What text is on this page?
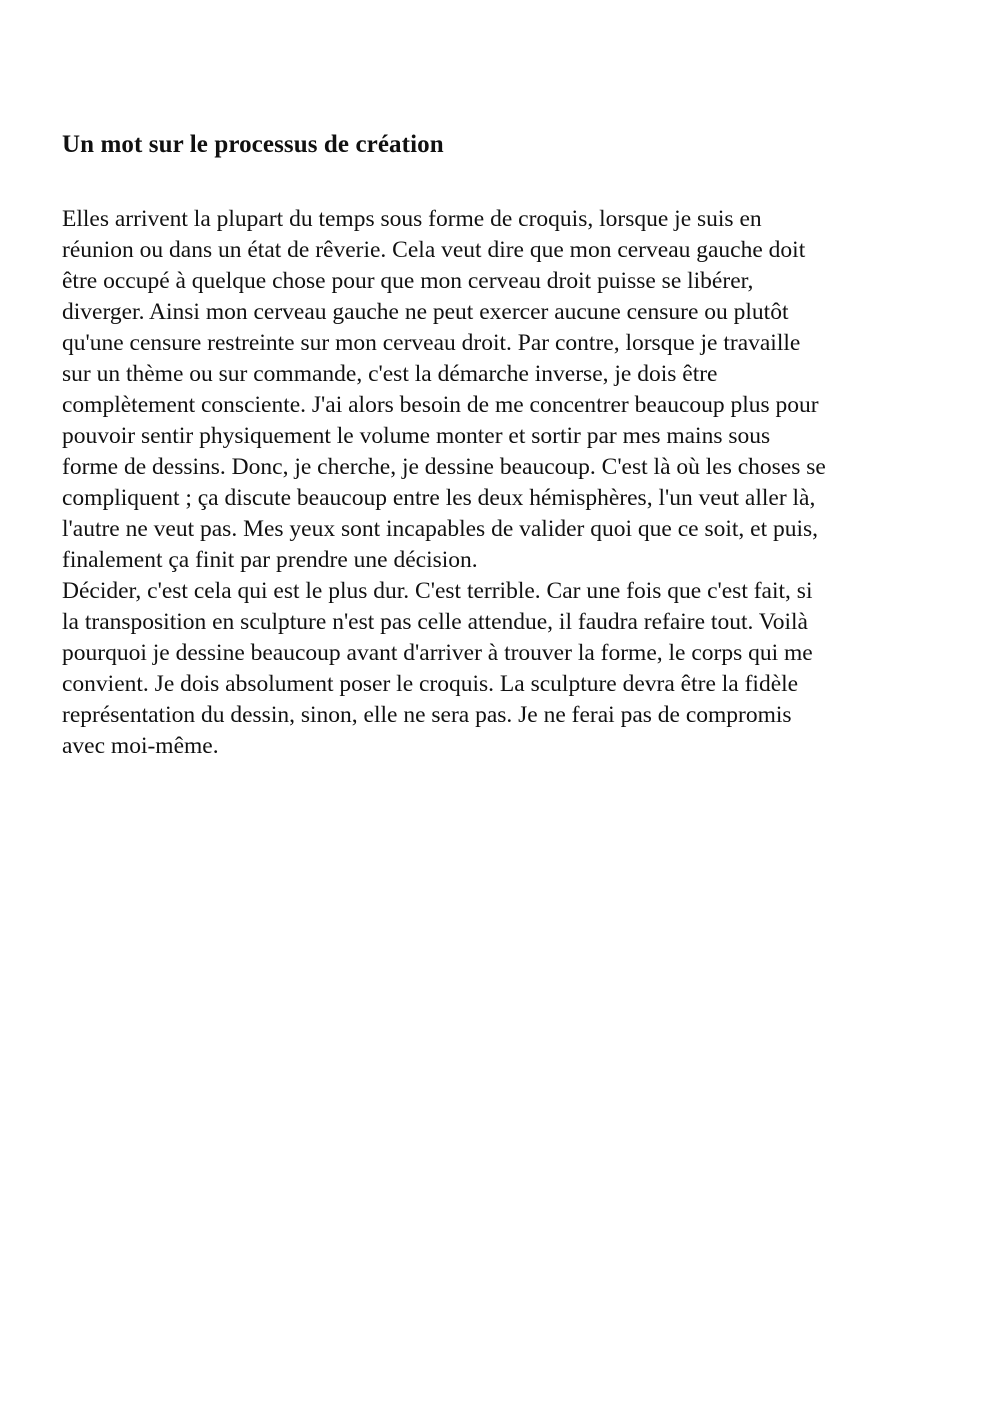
Un mot sur le processus de création

Elles arrivent la plupart du temps sous forme de croquis, lorsque je suis en
réunion ou dans un état de rêverie. Cela veut dire que mon cerveau gauche doit
être occupé à quelque chose pour que mon cerveau droit puisse se libérer,
diverger. Ainsi mon cerveau gauche ne peut exercer aucune censure ou plutôt
qu'une censure restreinte sur mon cerveau droit. Par contre, lorsque je travaille
sur un thème ou sur commande, c'est la démarche inverse, je dois être
complètement consciente. J'ai alors besoin de me concentrer beaucoup plus pour
pouvoir sentir physiquement le volume monter et sortir par mes mains sous
forme de dessins. Donc, je cherche, je dessine beaucoup. C'est là où les choses se
compliquent ; ça discute beaucoup entre les deux hémisphères, l'un veut aller là,
l'autre ne veut pas. Mes yeux sont incapables de valider quoi que ce soit, et puis,
finalement ça finit par prendre une décision.

Décider, c'est cela qui est le plus dur. C'est terrible. Car une fois que c'est fait, si
la transposition en sculpture n'est pas celle attendue, il faudra refaire tout. Voilà
pourquoi je dessine beaucoup avant d'arriver à trouver la forme, le corps qui me
convient. Je dois absolument poser le croquis. La sculpture devra être la fidèle
représentation du dessin, sinon, elle ne sera pas. Je ne ferai pas de compromis
avec moi-même.
